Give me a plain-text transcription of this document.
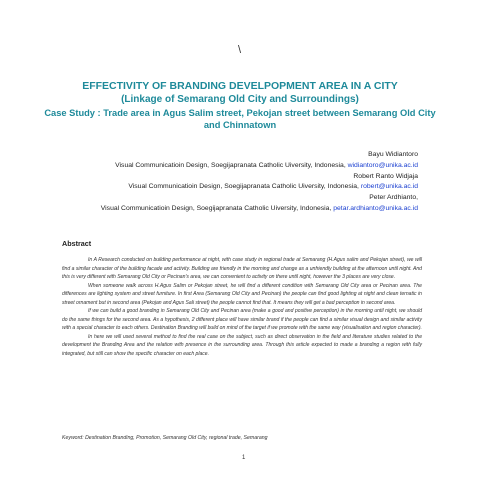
\
EFFECTIVITY OF BRANDING DEVELPOPMENT AREA IN A CITY
(Linkage of Semarang Old City and Surroundings)
Case Study : Trade area in Agus Salim street, Pekojan street between Semarang Old City and Chinnatown
Bayu Widiantoro
Visual Communicatioin Design, Soegijapranata Catholic Uiversity, Indonesia, widiantoro@unika.ac.id
Robert Ranto Widjaja
Visual Communicatioin Design, Soegijapranata Catholic Uiversity, Indonesia, robert@unika.ac.id
Peter Ardhianto,
Visual Communicatioin Design, Soegijapranata Catholic Uiversity, Indonesia, petar.ardhianto@unika.ac.id
Abstract

In A Research conducted on building performance at night, with case study in regional trade at Semarang (H.Agus salim and Pekojan street), we will find a similar character of the building facade and activity. Building are friendly in the morning and change as a unfriendly building at the afternoon until night. And this is very different with Semarang Old City or Pecinan's area, we can convenient to activity on there until night, however the 3 places are very close.

When someone walk across H.Agus Salim or Pekojan street, he will find a different condition with Semarang Old City area or Pecinan area. The differences are lighting system and street furniture. In first Area (Semarang Old City and Pecinan) the people can find good lighting at night and clean ternatic in street ornament but in second area (Pekojan and Agus Sali street) the people cannot find that. It means they will get a bad perception in second area.

If we can build a good branding in Semarang Old City and Pecinan area (make a good and positive perception) in the morning until night, we should do the same things for the second area. As a hypothesis, 2 different place will have similar brand if the people can find a similar visual design and similar activity with a special character to each others. Destination Branding will build on mind of the target if we promote with the same way (visualisation and region character).

In here we will used several method to find the real case on the subject, such as direct observation in the field and literature studies related to the development the Branding Area and the relation with presence in the surrounding area. Through this article expected to made a branding a region with fully integrated, but still can show the specific character on each place.

Keyword: Destination Branding, Promotion, Semarang Old City, regional trade, Semarang
1
